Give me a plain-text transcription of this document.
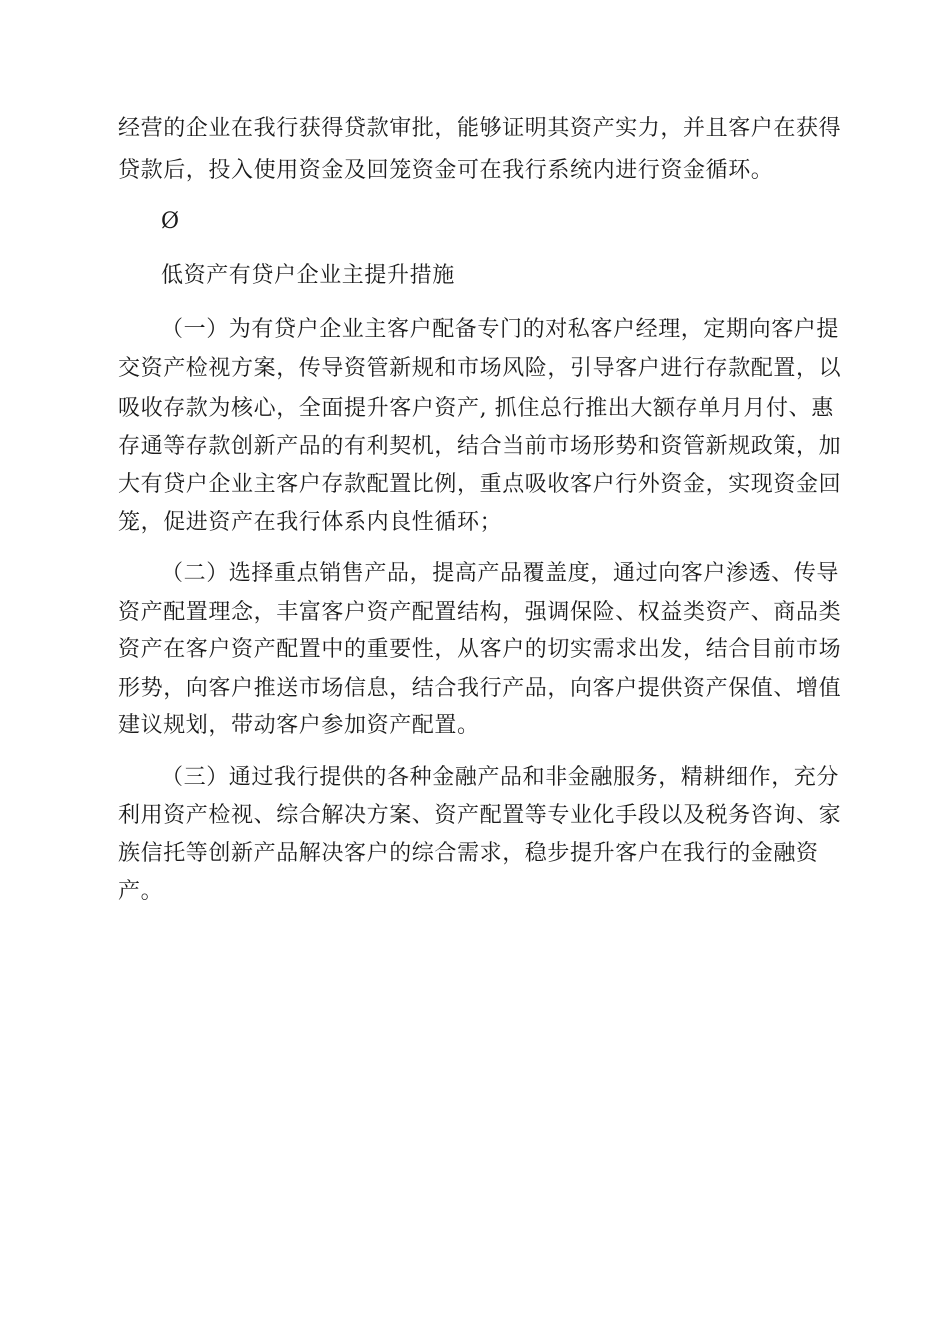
经营的企业在我行获得贷款审批，能够证明其资产实力，并且客户在获得
贷款后，投入使用资金及回笼资金可在我行系统内进行资金循环。
Ø
低资产有贷户企业主提升措施
（一）为有贷户企业主客户配备专门的对私客户经理，定期向客户提
交资产检视方案，传导资管新规和市场风险，引导客户进行存款配置，以
吸收存款为核心，全面提升客户资产, 抓住总行推出大额存单月月付、惠
存通等存款创新产品的有利契机，结合当前市场形势和资管新规政策，加
大有贷户企业主客户存款配置比例，重点吸收客户行外资金，实现资金回
笼，促进资产在我行体系内良性循环；
（二）选择重点销售产品，提高产品覆盖度，通过向客户渗透、传导
资产配置理念，丰富客户资产配置结构，强调保险、权益类资产、商品类
资产在客户资产配置中的重要性，从客户的切实需求出发，结合目前市场
形势，向客户推送市场信息，结合我行产品，向客户提供资产保值、增值
建议规划，带动客户参加资产配置。
（三）通过我行提供的各种金融产品和非金融服务，精耕细作，充分
利用资产检视、综合解决方案、资产配置等专业化手段以及税务咨询、家
族信托等创新产品解决客户的综合需求，稳步提升客户在我行的金融资
产。
